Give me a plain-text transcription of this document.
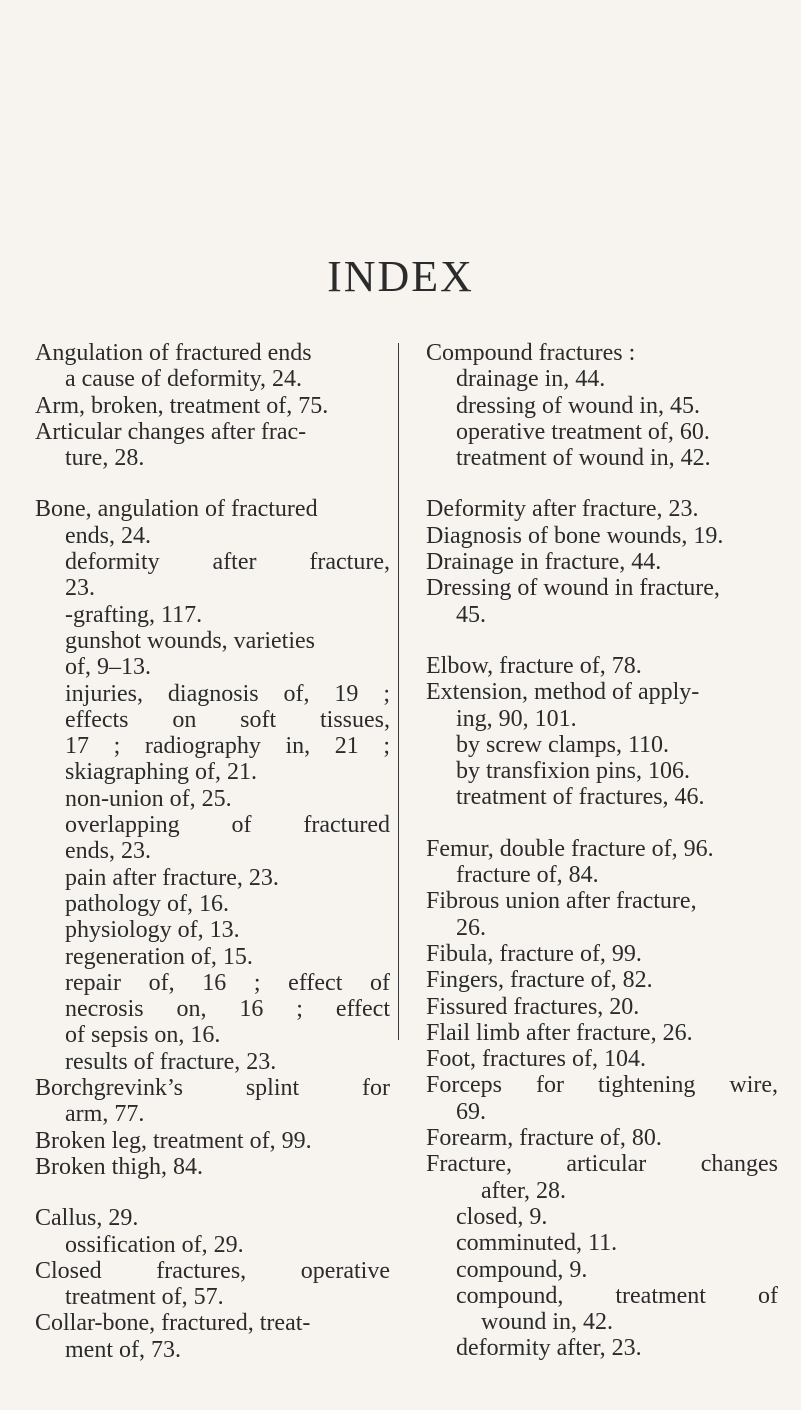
INDEX
Angulation of fractured ends
a cause of deformity, 24.
Arm, broken, treatment of, 75.
Articular changes after frac-
ture, 28.
Bone, angulation of fractured
ends, 24.
deformity after fracture,
23.
-grafting, 117.
gunshot wounds, varieties
of, 9–13.
injuries, diagnosis of, 19 ;
effects on soft tissues,
17 ; radiography in, 21 ;
skiagraphing of, 21.
non-union of, 25.
overlapping of fractured
ends, 23.
pain after fracture, 23.
pathology of, 16.
physiology of, 13.
regeneration of, 15.
repair of, 16 ; effect of
necrosis on, 16 ; effect
of sepsis on, 16.
results of fracture, 23.
Borchgrevink’s splint for
arm, 77.
Broken leg, treatment of, 99.
Broken thigh, 84.
Callus, 29.
ossification of, 29.
Closed fractures, operative
treatment of, 57.
Collar-bone, fractured, treat-
ment of, 73.
Compound fractures :
drainage in, 44.
dressing of wound in, 45.
operative treatment of, 60.
treatment of wound in, 42.
Deformity after fracture, 23.
Diagnosis of bone wounds, 19.
Drainage in fracture, 44.
Dressing of wound in fracture,
45.
Elbow, fracture of, 78.
Extension, method of apply-
ing, 90, 101.
by screw clamps, 110.
by transfixion pins, 106.
treatment of fractures, 46.
Femur, double fracture of, 96.
fracture of, 84.
Fibrous union after fracture,
26.
Fibula, fracture of, 99.
Fingers, fracture of, 82.
Fissured fractures, 20.
Flail limb after fracture, 26.
Foot, fractures of, 104.
Forceps for tightening wire,
69.
Forearm, fracture of, 80.
Fracture, articular changes
after, 28.
closed, 9.
comminuted, 11.
compound, 9.
compound, treatment of
wound in, 42.
deformity after, 23.
